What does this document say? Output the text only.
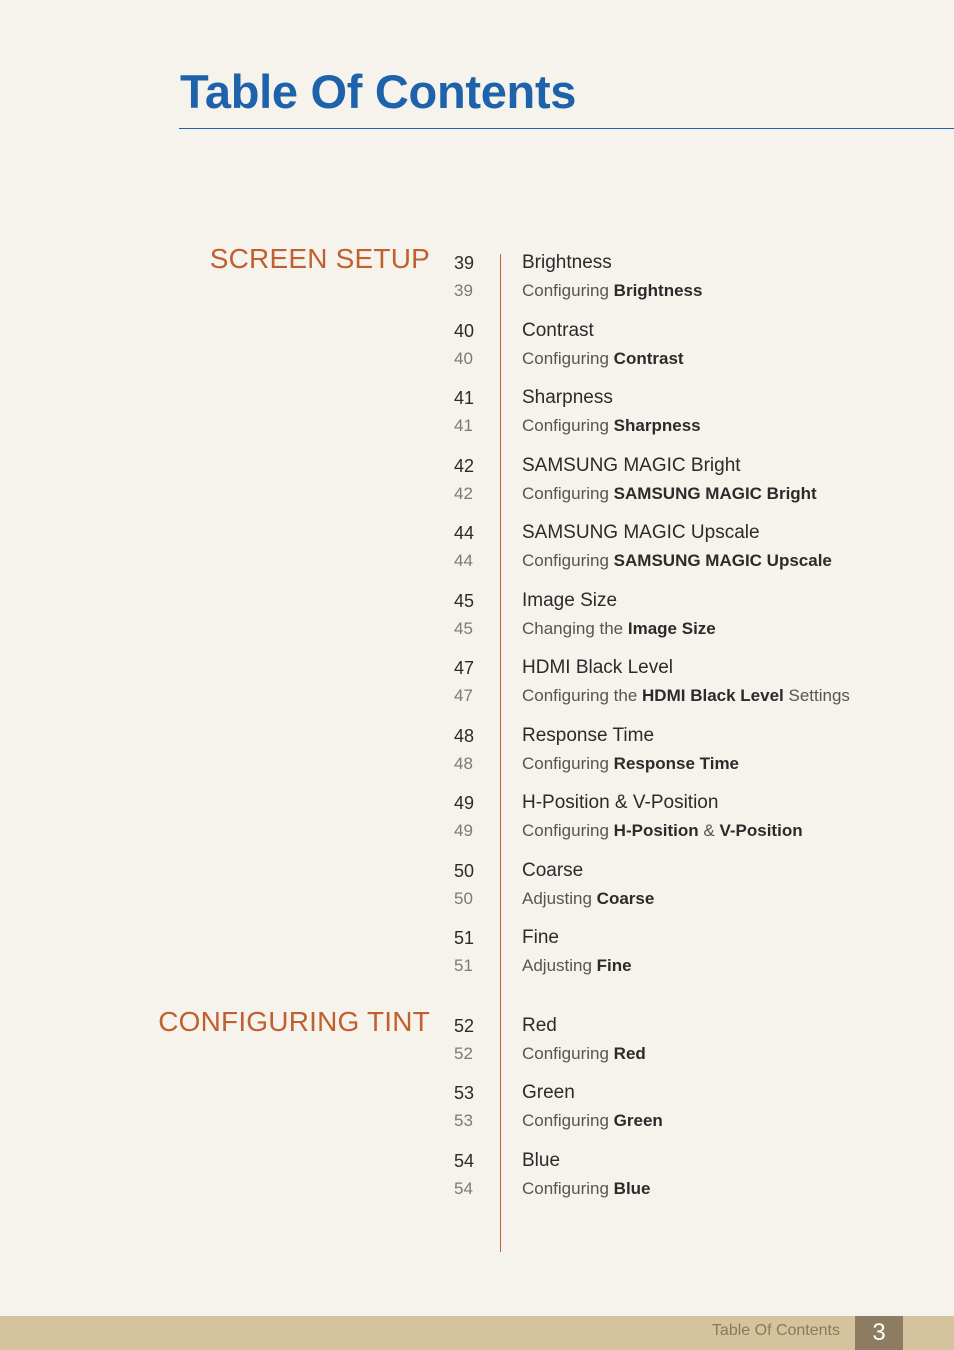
Table Of Contents
SCREEN SETUP 39	Brightness
39	Configuring Brightness
40	Contrast
40	Configuring Contrast
41	Sharpness
41	Configuring Sharpness
42	SAMSUNG MAGIC Bright
42	Configuring SAMSUNG MAGIC Bright
44	SAMSUNG MAGIC Upscale
44	Configuring SAMSUNG MAGIC Upscale
45	Image Size
45	Changing the Image Size
47	HDMI Black Level
47	Configuring the HDMI Black Level Settings
48	Response Time
48	Configuring Response Time
49	H-Position & V-Position
49	Configuring H-Position & V-Position
50	Coarse
50	Adjusting Coarse
51	Fine
51	Adjusting Fine
CONFIGURING TINT 52	Red
52	Configuring Red
53	Green
53	Configuring Green
54	Blue
54	Configuring Blue
Table Of Contents	3
